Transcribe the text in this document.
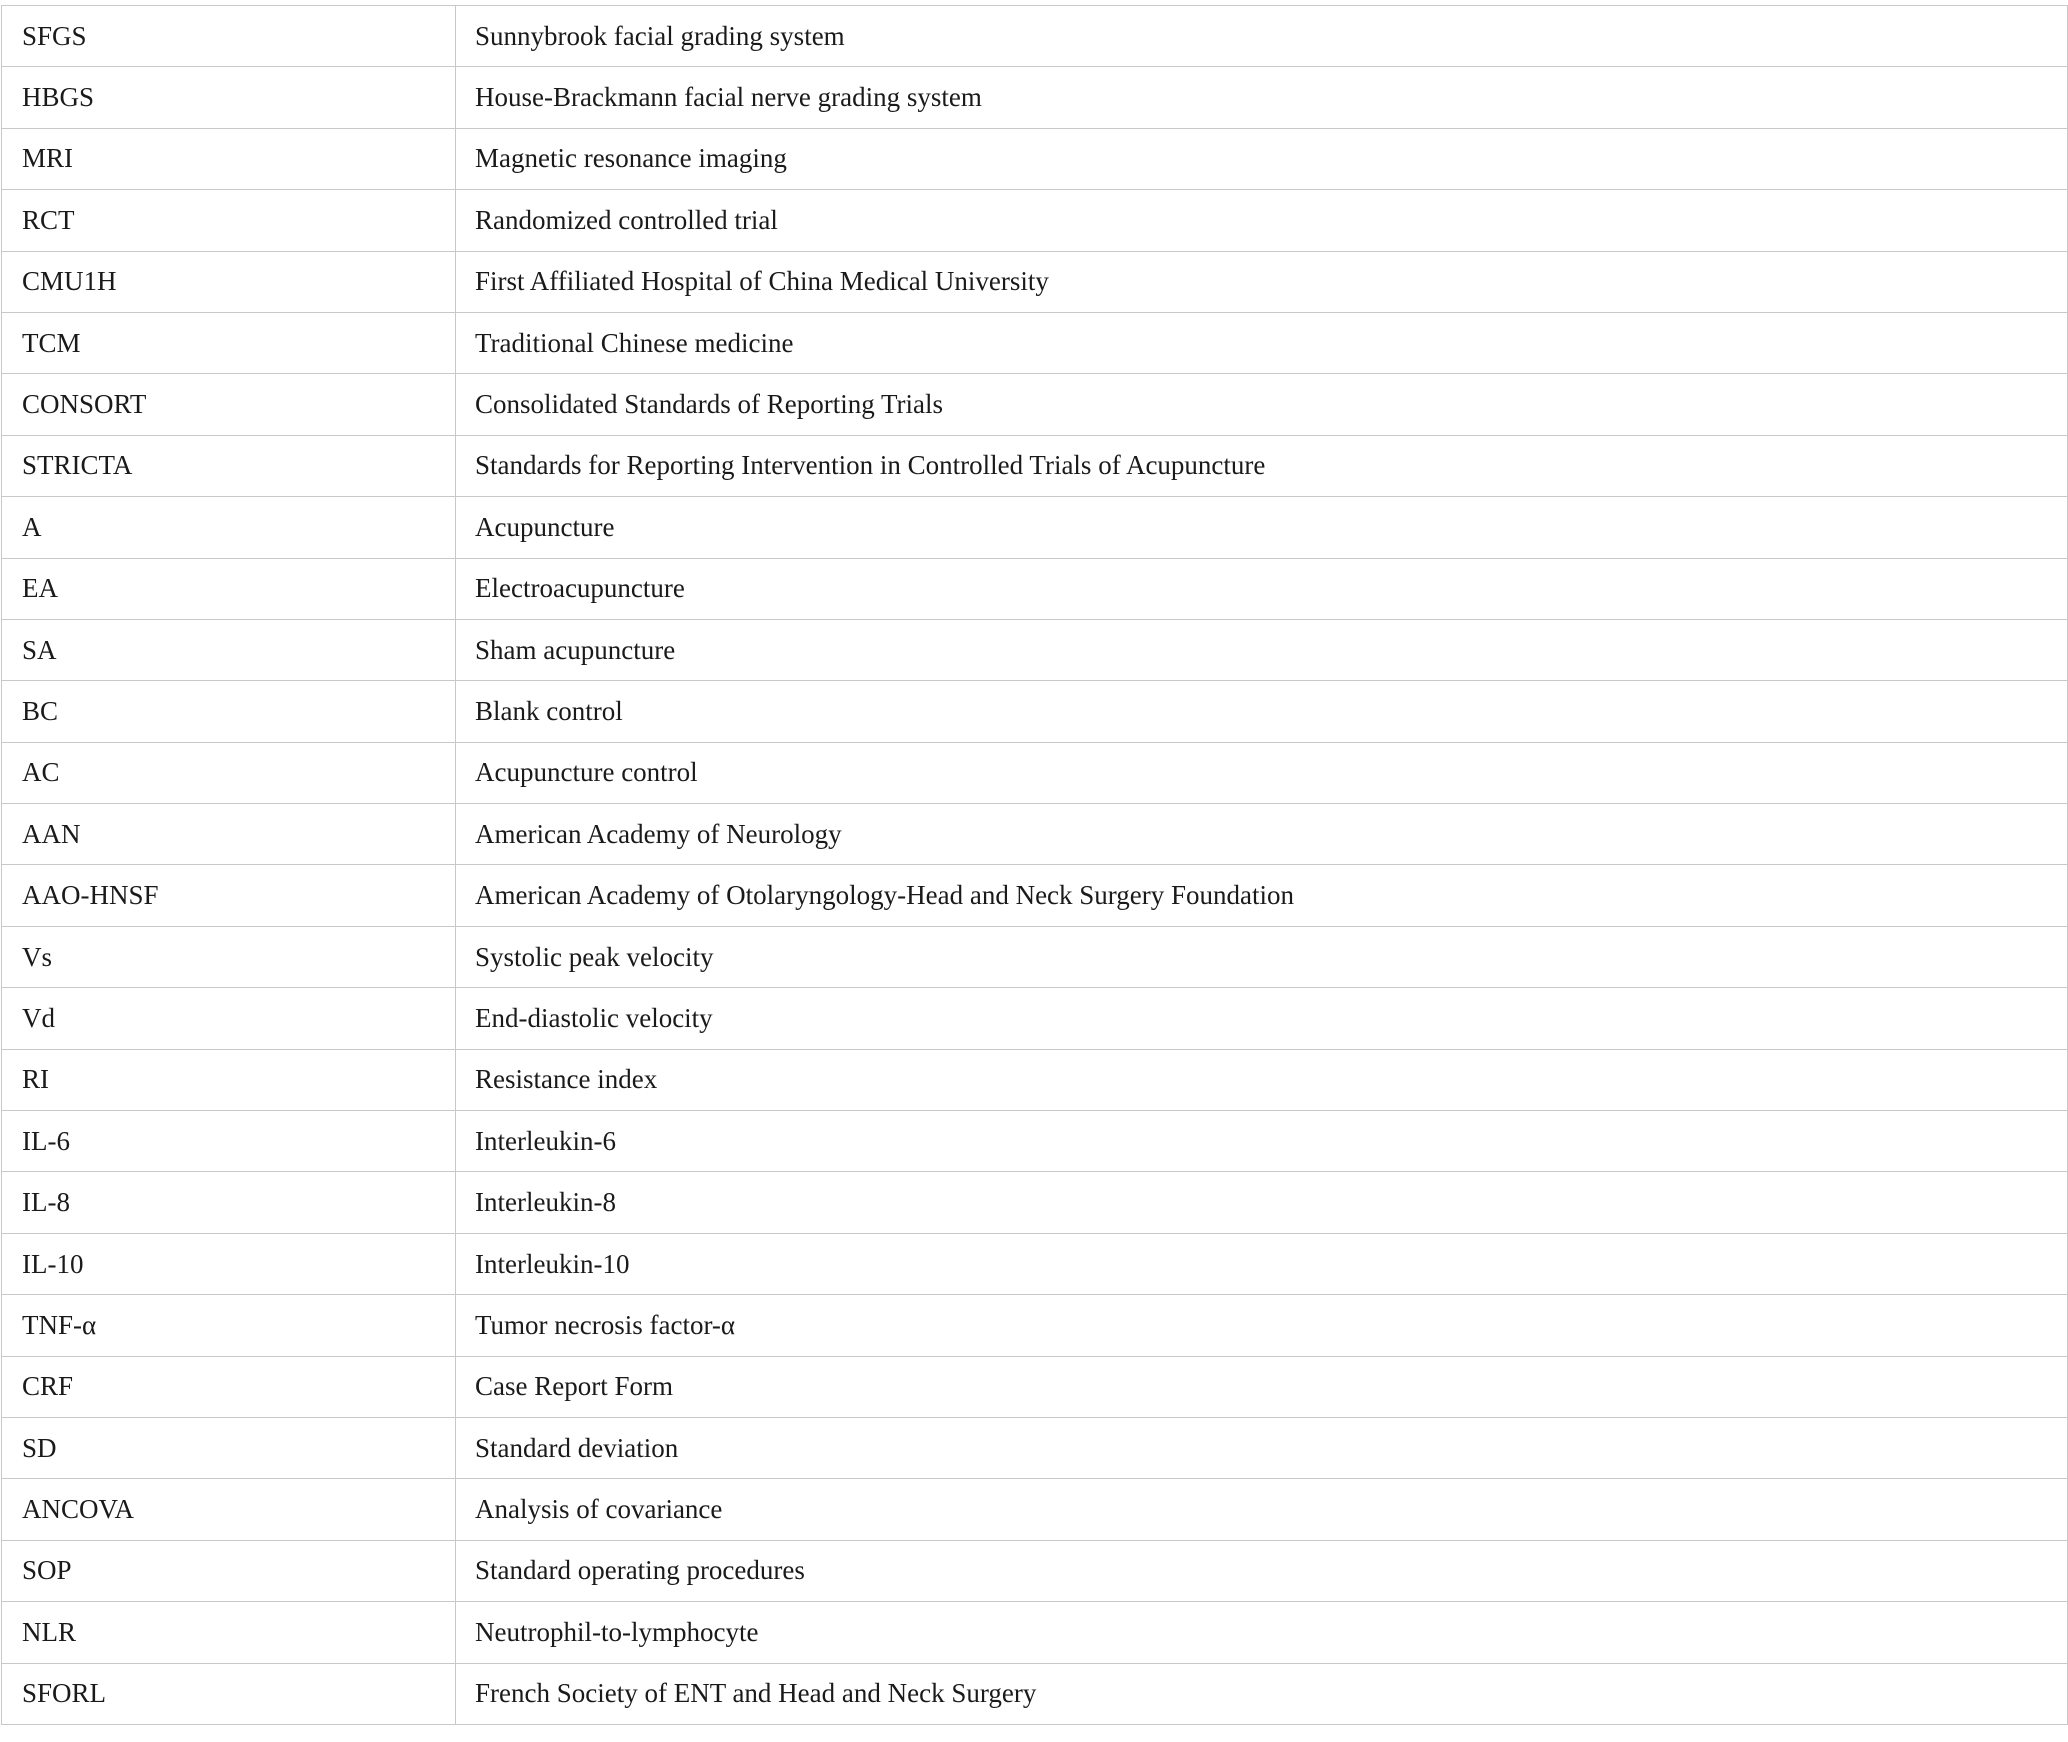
SFGS	Sunnybrook facial grading system
HBGS	House-Brackmann facial nerve grading system
MRI	Magnetic resonance imaging
RCT	Randomized controlled trial
CMU1H	First Affiliated Hospital of China Medical University
TCM	Traditional Chinese medicine
CONSORT	Consolidated Standards of Reporting Trials
STRICTA	Standards for Reporting Intervention in Controlled Trials of Acupuncture
A	Acupuncture
EA	Electroacupuncture
SA	Sham acupuncture
BC	Blank control
AC	Acupuncture control
AAN	American Academy of Neurology
AAO-HNSF	American Academy of Otolaryngology-Head and Neck Surgery Foundation
Vs	Systolic peak velocity
Vd	End-diastolic velocity
RI	Resistance index
IL-6	Interleukin-6
IL-8	Interleukin-8
IL-10	Interleukin-10
TNF-α	Tumor necrosis factor-α
CRF	Case Report Form
SD	Standard deviation
ANCOVA	Analysis of covariance
SOP	Standard operating procedures
NLR	Neutrophil-to-lymphocyte
SFORL	French Society of ENT and Head and Neck Surgery
